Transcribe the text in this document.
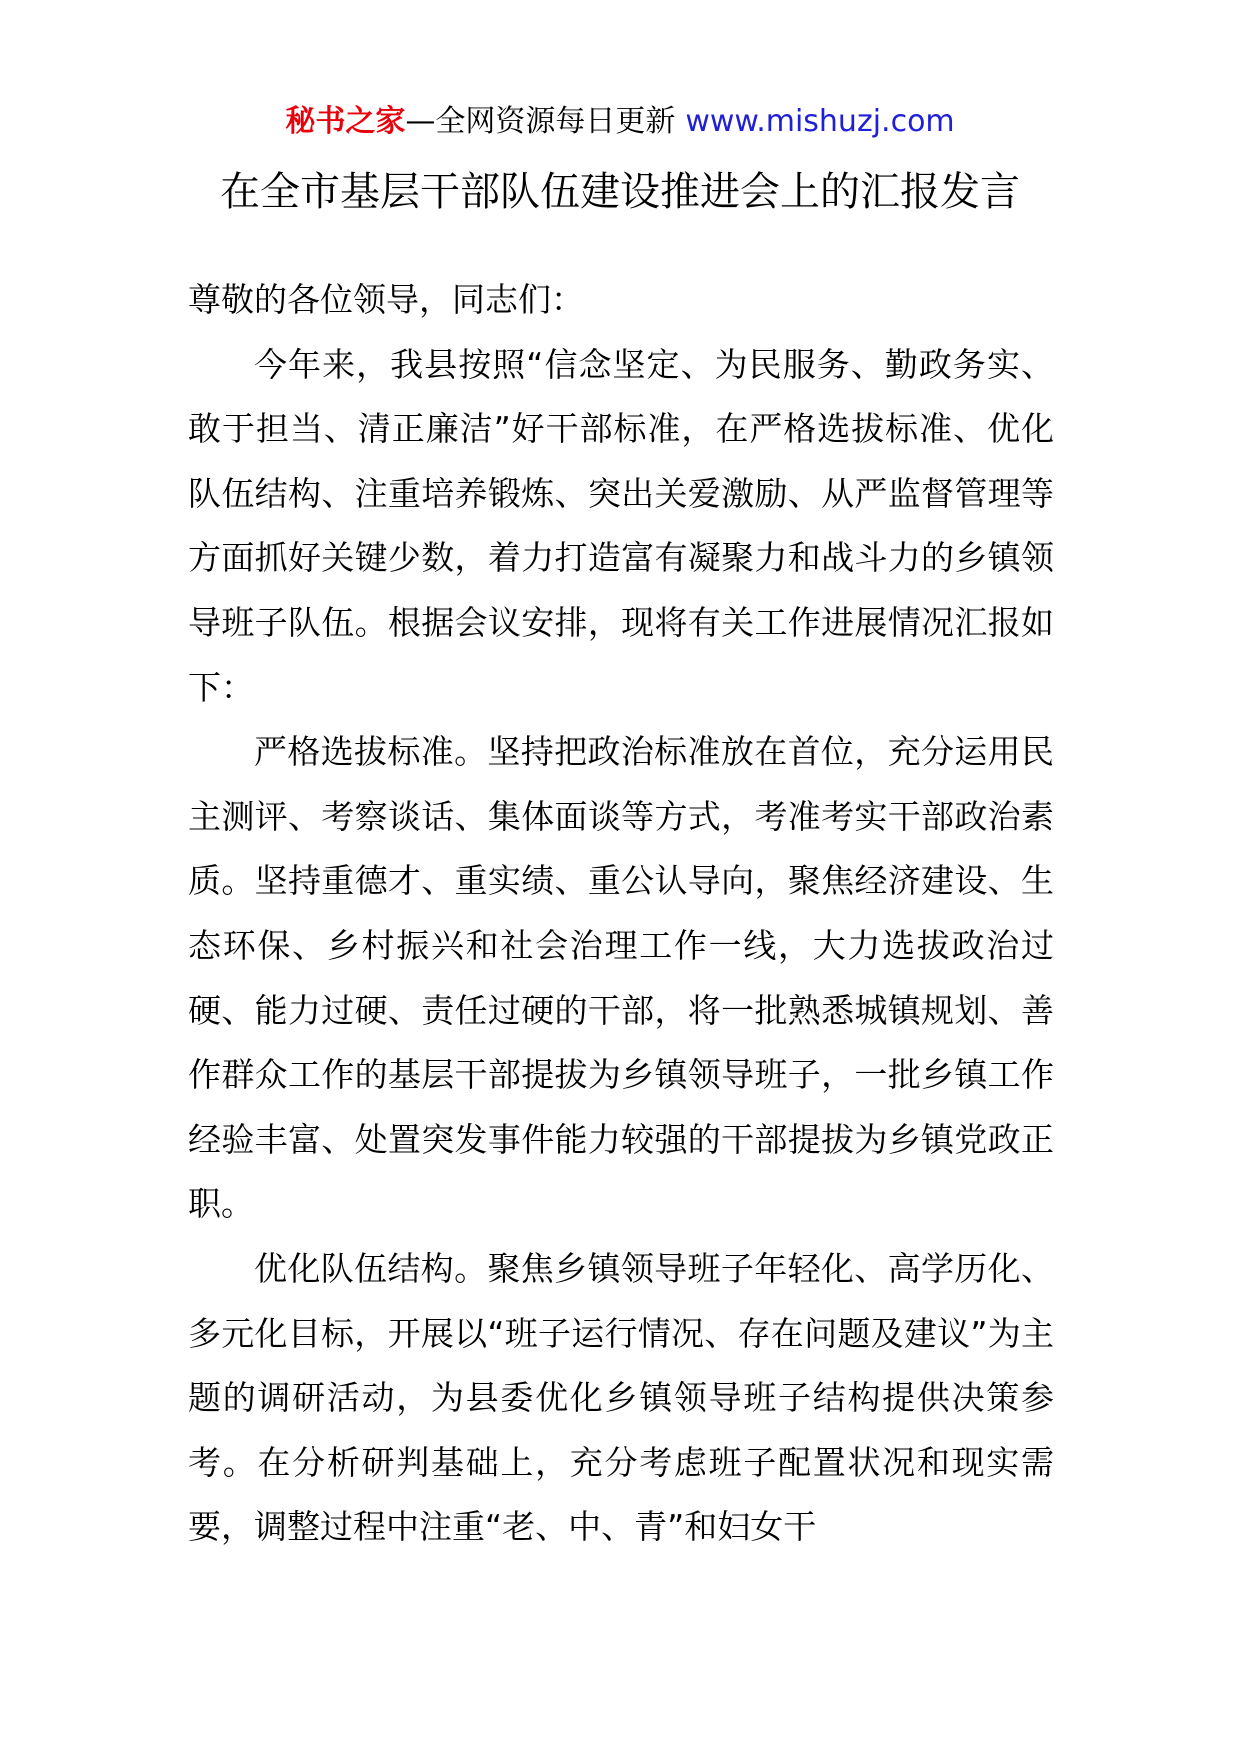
秘书之家—全网资源每日更新 www.mishuzj.com
在全市基层干部队伍建设推进会上的汇报发言

尊敬的各位领导，同志们：

今年来，我县按照“信念坚定、为民服务、勤政务实、敢于担当、清正廉洁”好干部标准，在严格选拔标准、优化队伍结构、注重培养锻炼、突出关爱激励、从严监督管理等方面抓好关键少数，着力打造富有凝聚力和战斗力的乡镇领导班子队伍。根据会议安排，现将有关工作进展情况汇报如下：

严格选拔标准。坚持把政治标准放在首位，充分运用民主测评、考察谈话、集体面谈等方式，考准考实干部政治素质。坚持重德才、重实绩、重公认导向，聚焦经济建设、生态环保、乡村振兴和社会治理工作一线，大力选拔政治过硬、能力过硬、责任过硬的干部，将一批熟悉城镇规划、善作群众工作的基层干部提拔为乡镇领导班子，一批乡镇工作经验丰富、处置突发事件能力较强的干部提拔为乡镇党政正职。

优化队伍结构。聚焦乡镇领导班子年轻化、高学历化、多元化目标，开展以“班子运行情况、存在问题及建议”为主题的调研活动，为县委优化乡镇领导班子结构提供决策参考。在分析研判基础上，充分考虑班子配置状况和现实需要，调整过程中注重“老、中、青”和妇女干
